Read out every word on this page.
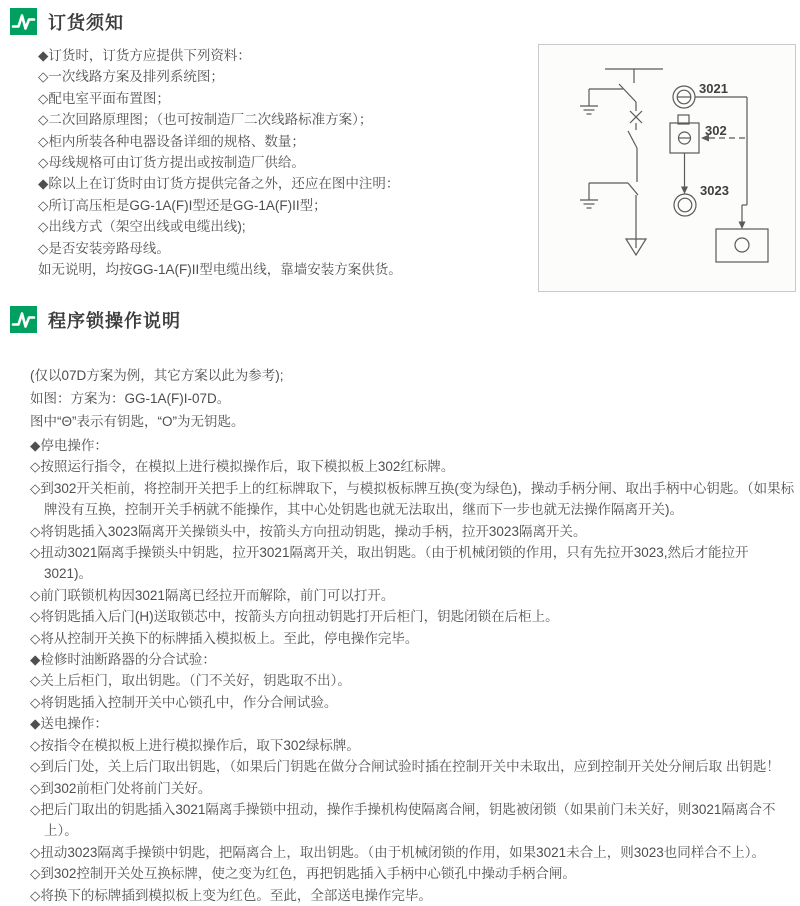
订货须知
◆订货时，订货方应提供下列资料：
◇一次线路方案及排列系统图；
◇配电室平面布置图；
◇二次回路原理图；（也可按制造厂二次线路标准方案）；
◇柜内所装各种电器设备详细的规格、数量；
◇母线规格可由订货方提出或按制造厂供给。
◆除以上在订货时由订货方提供完备之外，还应在图中注明：
◇所订高压柜是GG-1A(F)I型还是GG-1A(F)II型；
◇出线方式（架空出线或电缆出线);
◇是否安装旁路母线。
如无说明，均按GG-1A(F)II型电缆出线，靠墙安装方案供货。
3021
302
3023
程序锁操作说明
(仅以07D方案为例，其它方案以此为参考);
如图：方案为：GG-1A(F)I-07D。
图中“Θ”表示有钥匙，“O”为无钥匙。
◆停电操作：
◇按照运行指令，在模拟上进行模拟操作后，取下模拟板上302红标牌。
◇到302开关柜前，将控制开关把手上的红标牌取下，与模拟板标牌互换(变为绿色)，操动手柄分闸、取出手柄中心钥匙。（如果标牌没有互换，控制开关手柄就不能操作，其中心处钥匙也就无法取出，继而下一步也就无法操作隔离开关)。
◇将钥匙插入3023隔离开关操锁头中，按箭头方向扭动钥匙，操动手柄，拉开3023隔离开关。
◇扭动3021隔离手操锁头中钥匙，拉开3021隔离开关，取出钥匙。（由于机械闭锁的作用，只有先拉开3023,然后才能拉开3021)。
◇前门联锁机构因3021隔离已经拉开而解除，前门可以打开。
◇将钥匙插入后门(H)送取锁芯中，按箭头方向扭动钥匙打开后柜门，钥匙闭锁在后柜上。
◇将从控制开关换下的标牌插入模拟板上。至此，停电操作完毕。
◆检修时油断路器的分合试验：
◇关上后柜门，取出钥匙。（门不关好，钥匙取不出）。
◇将钥匙插入控制开关中心锁孔中，作分合闸试验。
◆送电操作：
◇按指令在模拟板上进行模拟操作后，取下302绿标牌。
◇到后门处，关上后门取出钥匙，（如果后门钥匙在做分合闸试验时插在控制开关中未取出，应到控制开关处分闸后取 出钥匙！
◇到302前柜门处将前门关好。
◇把后门取出的钥匙插入3021隔离手操锁中扭动，操作手操机构使隔离合闸，钥匙被闭锁（如果前门未关好，则3021隔离合不上）。
◇扭动3023隔离手操锁中钥匙，把隔离合上，取出钥匙。（由于机械闭锁的作用，如果3021未合上，则3023也同样合不上）。
◇到302控制开关处互换标牌，使之变为红色，再把钥匙插入手柄中心锁孔中操动手柄合闸。
◇将换下的标牌插到模拟板上变为红色。至此，全部送电操作完毕。
